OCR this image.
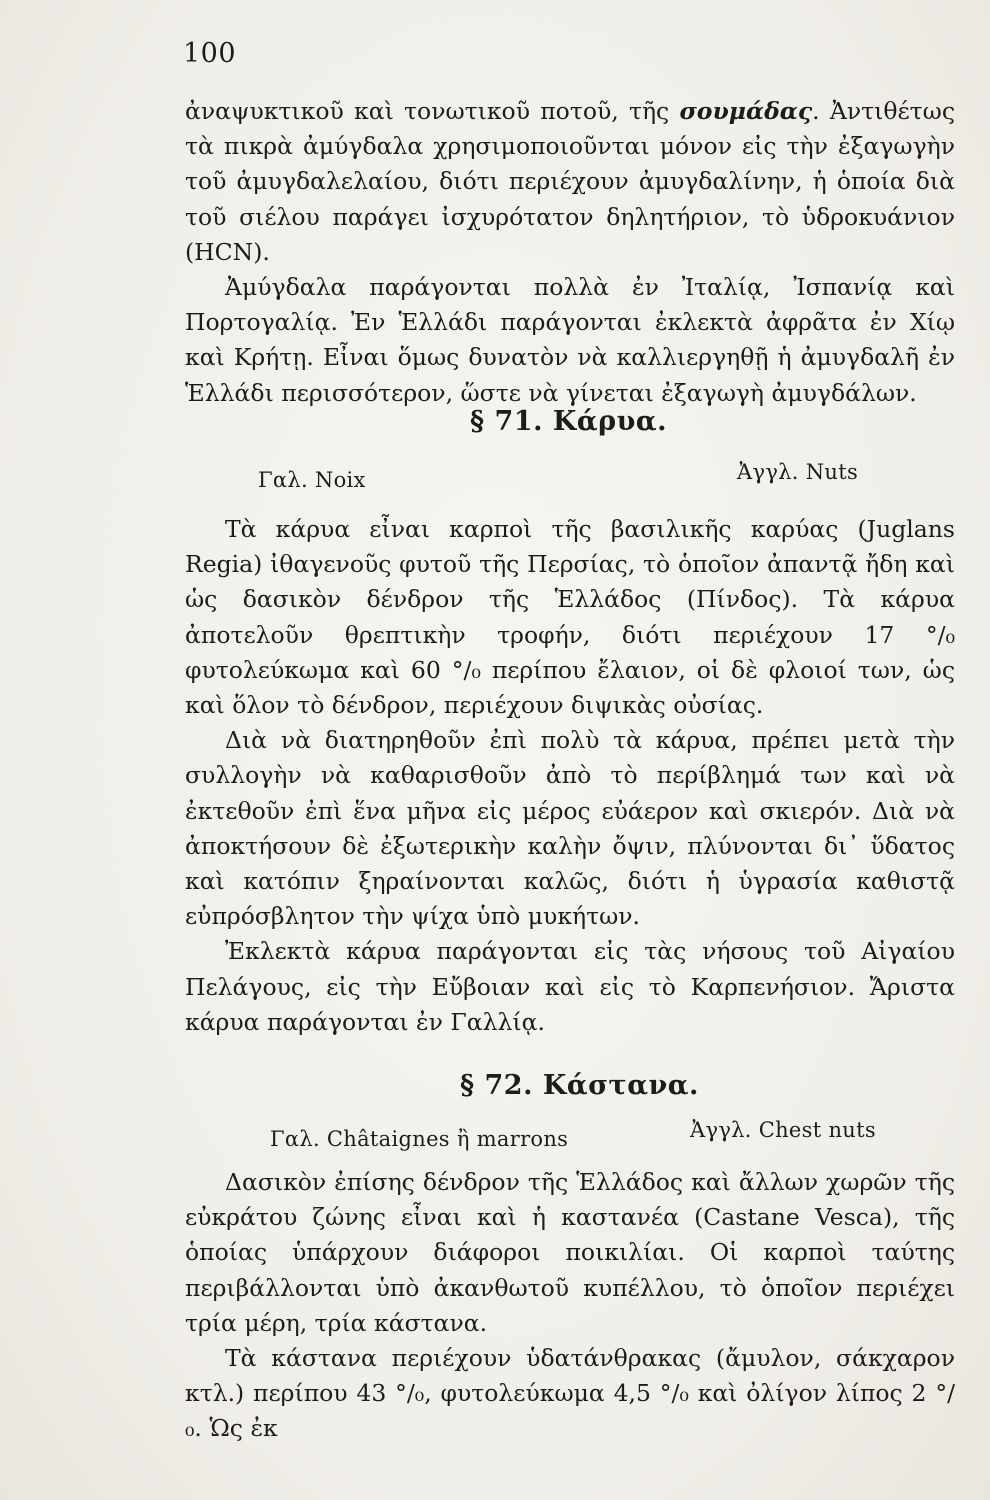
100

ἀναψυκτικοῦ καὶ τονωτικοῦ ποτοῦ, τῆς σουμάδας. Ἀντιθέτως τὰ πικρὰ ἀμύγδαλα χρησιμοποιοῦνται μόνον εἰς τὴν ἐξαγωγὴν τοῦ ἀμυγδαλελαίου, διότι περιέχουν ἀμυγδαλίνην, ἡ ὁποία διὰ τοῦ σιέλου παράγει ἰσχυρότατον δηλητήριον, τὸ ὑδροκυάνιον (HCN).

Ἀμύγδαλα παράγονται πολλὰ ἐν Ἰταλίᾳ, Ἰσπανίᾳ καὶ Πορτογαλίᾳ. Ἐν Ἑλλάδι παράγονται ἐκλεκτὰ ἀφρᾶτα ἐν Χίῳ καὶ Κρήτῃ. Εἶναι ὅμως δυνατὸν νὰ καλλιεργηθῇ ἡ ἀμυγδαλῆ ἐν Ἑλλάδι περισσότερον, ὥστε νὰ γίνεται ἐξαγωγὴ ἀμυγδάλων.

§ 71. Κάρυα.
Γαλ. Noix	Ἀγγλ. Nuts

Τὰ κάρυα εἶναι καρποὶ τῆς βασιλικῆς καρύας (Juglans Regia) ἰθαγενοῦς φυτοῦ τῆς Περσίας, τὸ ὁποῖον ἀπαντᾷ ἤδη καὶ ὡς δασικὸν δένδρον τῆς Ἑλλάδος (Πίνδος). Τὰ κάρυα ἀποτελοῦν θρεπτικὴν τροφήν, διότι περιέχουν 17 °/₀ φυτολεύκωμα καὶ 60 °/₀ περίπου ἔλαιον, οἱ δὲ φλοιοί των, ὡς καὶ ὅλον τὸ δένδρον, περιέχουν διψικὰς οὐσίας.

Διὰ νὰ διατηρηθοῦν ἐπὶ πολὺ τὰ κάρυα, πρέπει μετὰ τὴν συλλογὴν νὰ καθαρισθοῦν ἀπὸ τὸ περίβλημά των καὶ νὰ ἐκτεθοῦν ἐπὶ ἕνα μῆνα εἰς μέρος εὐάερον καὶ σκιερόν. Διὰ νὰ ἀποκτήσουν δὲ ἐξωτερικὴν καλὴν ὄψιν, πλύνονται δι᾽ ὕδατος καὶ κατόπιν ξηραίνονται καλῶς, διότι ἡ ὑγρασία καθιστᾷ εὐπρόσβλητον τὴν ψίχα ὑπὸ μυκήτων.

Ἐκλεκτὰ κάρυα παράγονται εἰς τὰς νήσους τοῦ Αἰγαίου Πελάγους, εἰς τὴν Εὔβοιαν καὶ εἰς τὸ Καρπενήσιον. Ἄριστα κάρυα παράγονται ἐν Γαλλίᾳ.

§ 72. Κάστανα.
Γαλ. Châtaignes ἢ marrons	Ἀγγλ. Chest nuts

Δασικὸν ἐπίσης δένδρον τῆς Ἑλλάδος καὶ ἄλλων χωρῶν τῆς εὐκράτου ζώνης εἶναι καὶ ἡ καστανέα (Castane Vesca), τῆς ὁποίας ὑπάρχουν διάφοροι ποικιλίαι. Οἱ καρποὶ ταύτης περιβάλλονται ὑπὸ ἀκανθωτοῦ κυπέλλου, τὸ ὁποῖον περιέχει τρία μέρη, τρία κάστανα.

Τὰ κάστανα περιέχουν ὑδατάνθρακας (ἄμυλον, σάκχαρον κτλ.) περίπου 43 °/₀, φυτολεύκωμα 4,5 °/₀ καὶ ὀλίγον λίπος 2 °/₀. Ὡς ἐκ
